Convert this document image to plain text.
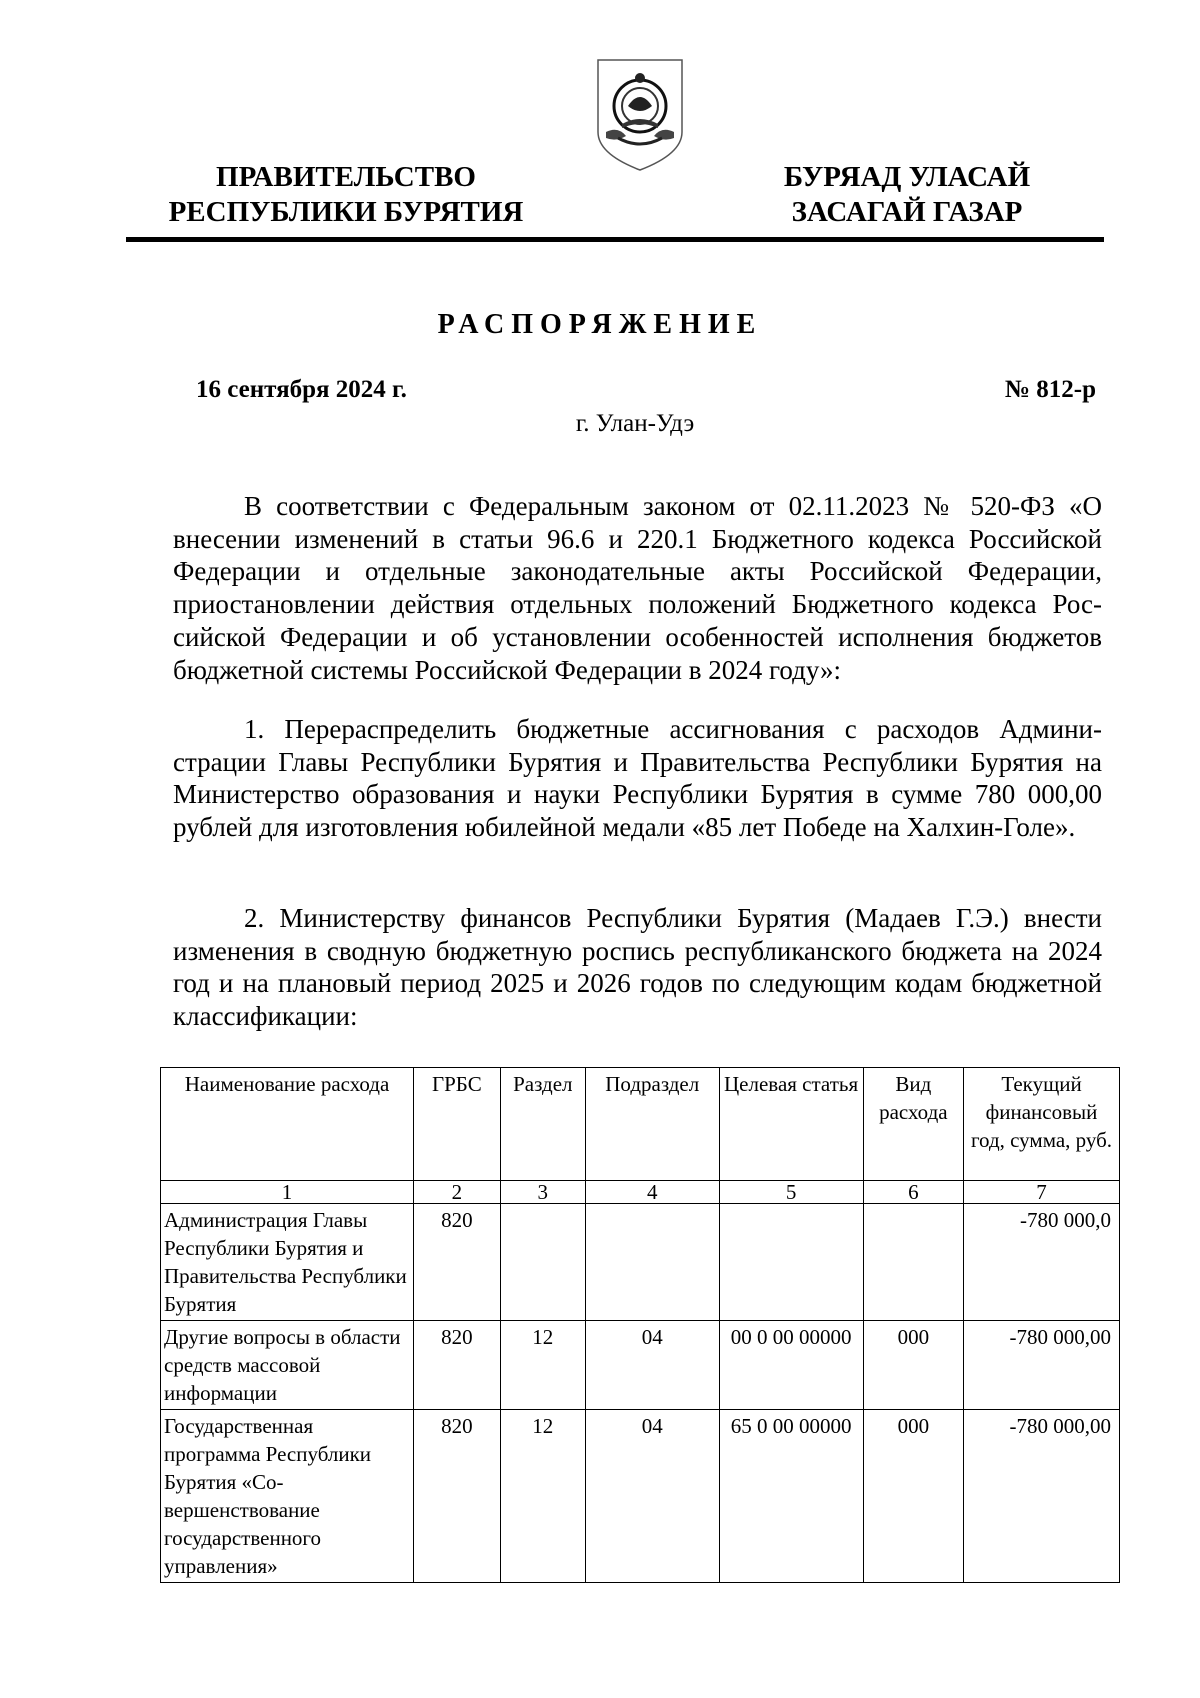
ПРАВИТЕЛЬСТВО
РЕСПУБЛИКИ БУРЯТИЯ
БУРЯАД УЛАСАЙ
ЗАСАГАЙ ГАЗАР
РАСПОРЯЖЕНИЕ
16 сентября 2024 г.	№ 812-р
г. Улан-Удэ

В соответствии с Федеральным законом от 02.11.2023 № 520-ФЗ «О внесении изменений в статьи 96.6 и 220.1 Бюджетного кодекса Российской Федерации и отдельные законодательные акты Российской Федерации, приостановлении действия отдельных положений Бюджетного кодекса Российской Федерации и об установлении особенностей исполнения бюджетов бюджетной системы Российской Федерации в 2024 году»:

1. Перераспределить бюджетные ассигнования с расходов Администрации Главы Республики Бурятия и Правительства Республики Бурятия на Министерство образования и науки Республики Бурятия в сумме 780 000,00 рублей для изготовления юбилейной медали «85 лет Победе на Халхин-Голе».

2. Министерству финансов Республики Бурятия (Мадаев Г.Э.) внести изменения в сводную бюджетную роспись республиканского бюджета на 2024 год и на плановый период 2025 и 2026 годов по следующим кодам бюджетной классификации:

Наименование расхода	ГРБС	Раздел	Подраздел	Целевая статья	Вид расхода	Текущий финансовый год, сумма, руб.
1	2	3	4	5	6	7
Администрация Главы Республики Бурятия и Правительства Республики Бурятия	820					-780 000,0
Другие вопросы в области средств массовой информации	820	12	04	00 0 00 00000	000	-780 000,00
Государственная программа Республики Бурятия «Совершенствование государственного управления»	820	12	04	65 0 00 00000	000	-780 000,00
